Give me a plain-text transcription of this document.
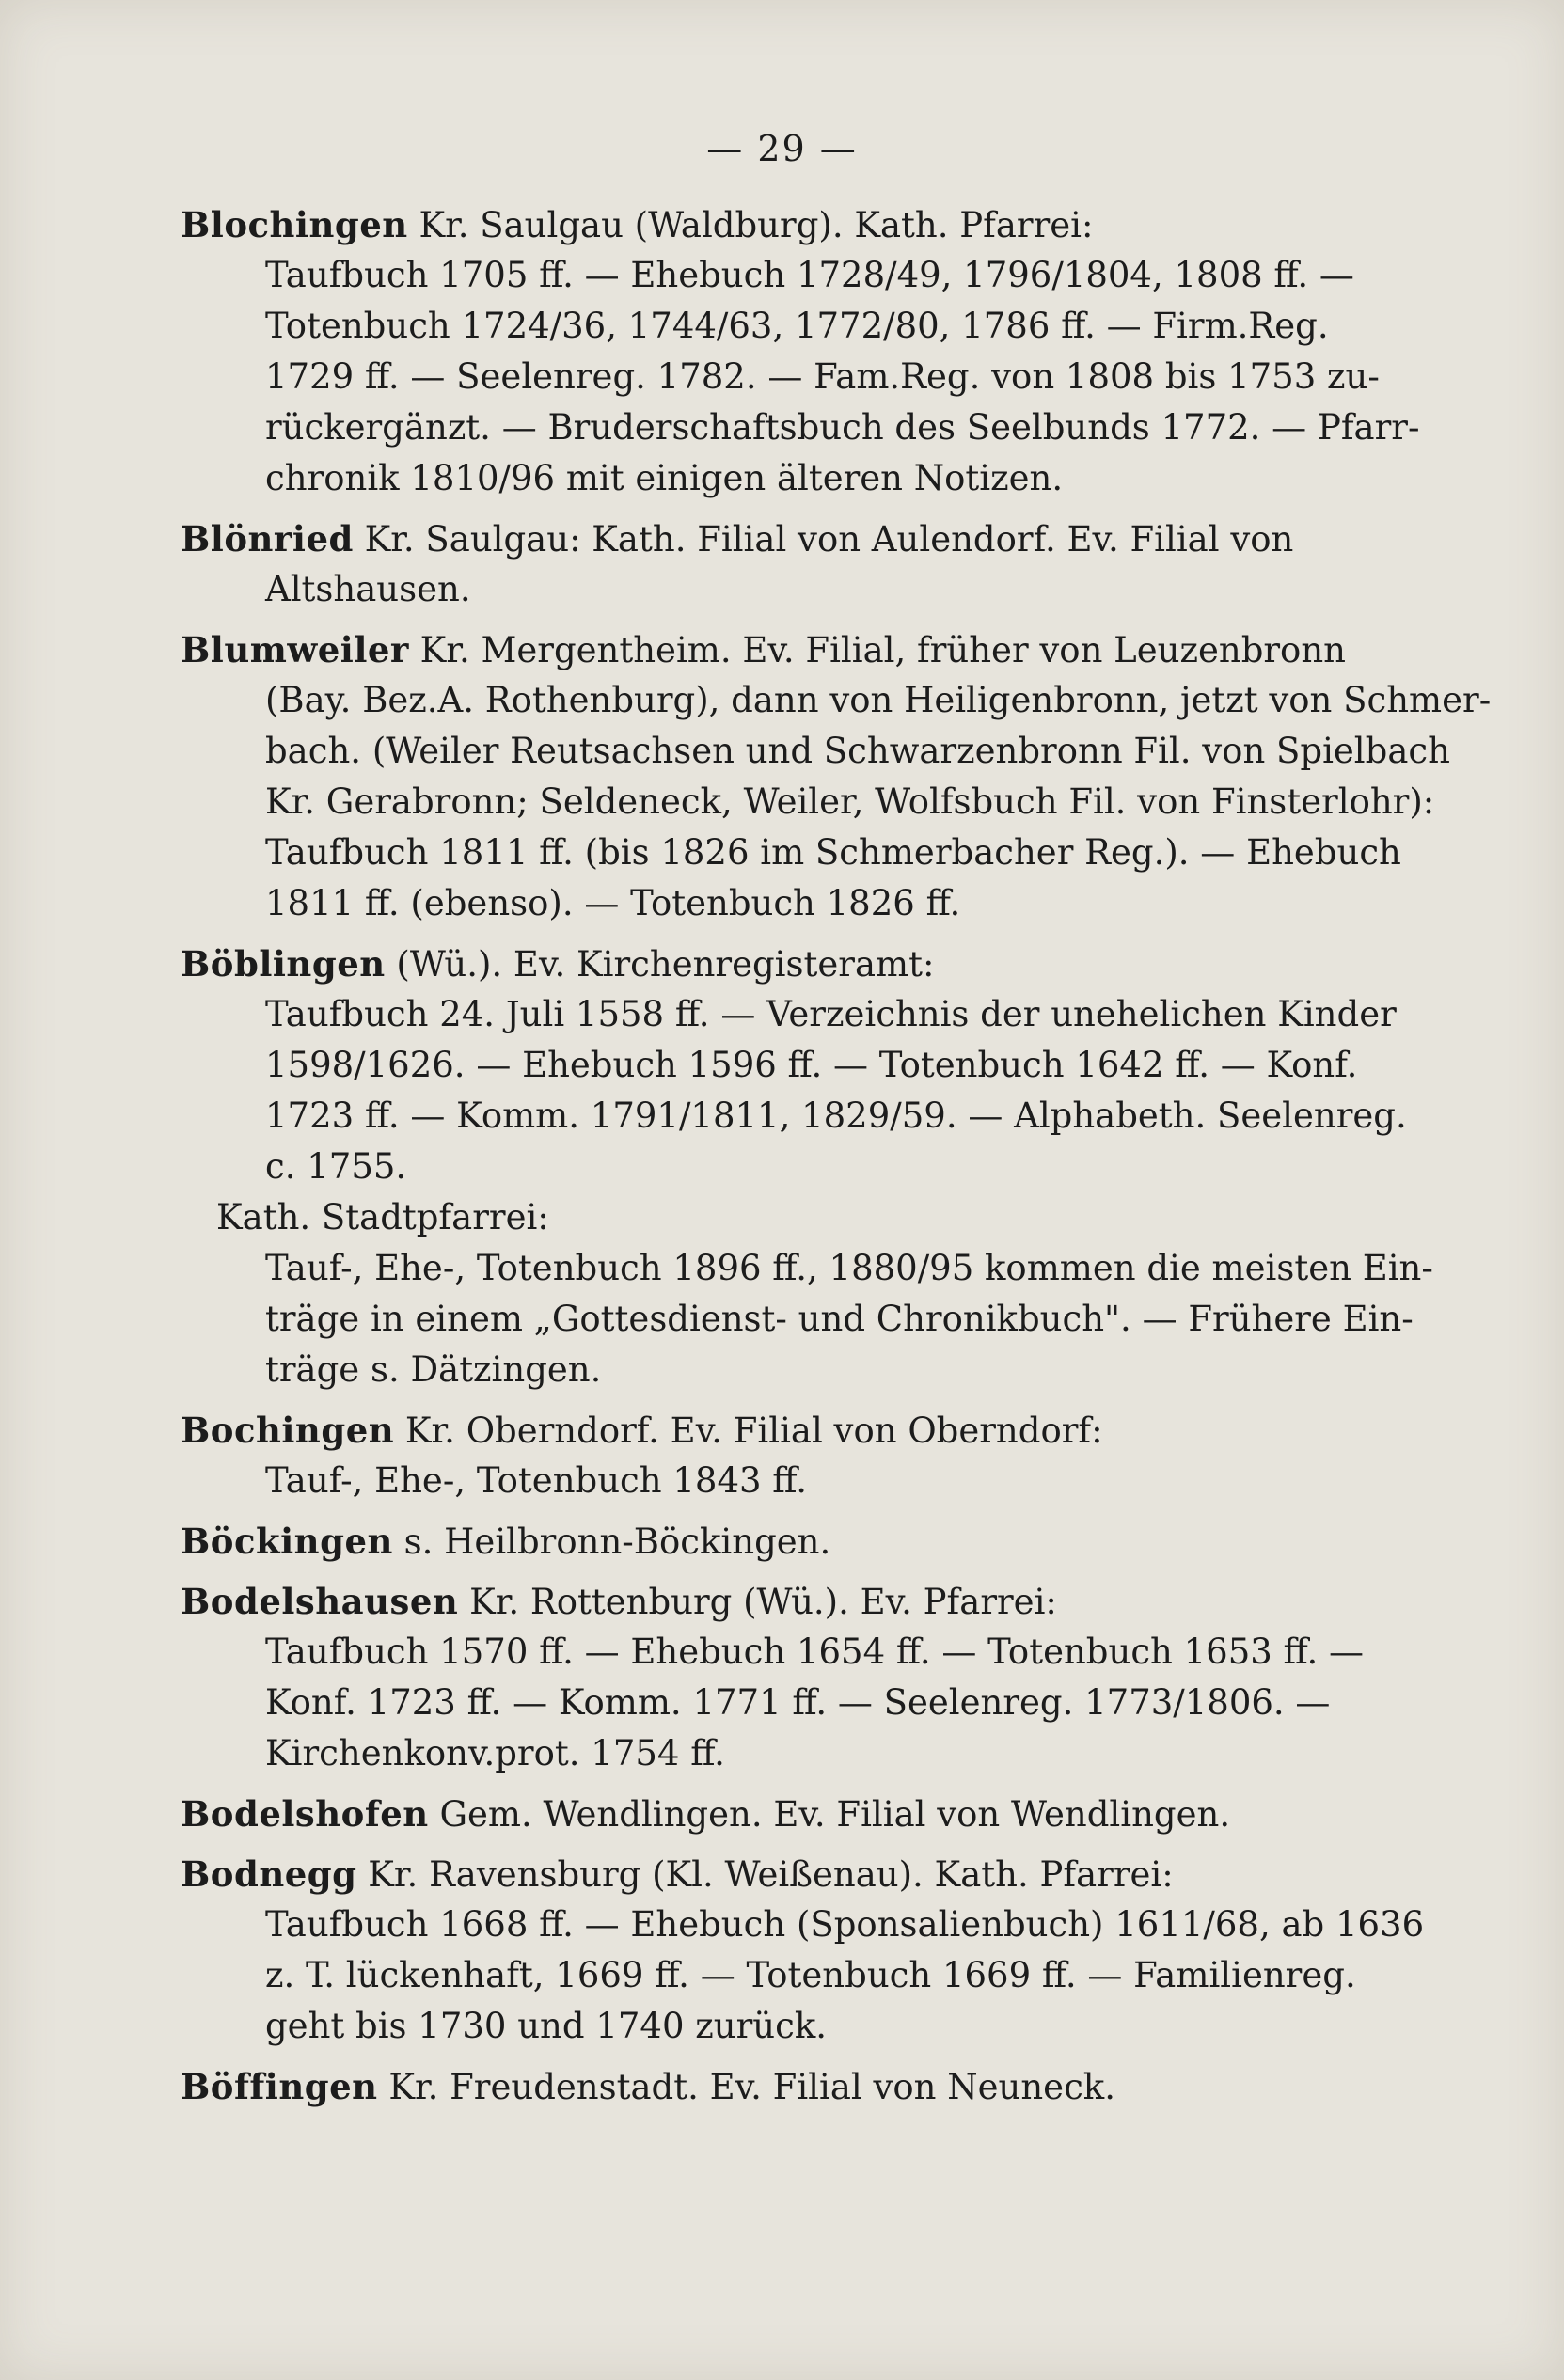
— 29 —
Blochingen Kr. Saulgau (Waldburg). Kath. Pfarrei:
Taufbuch 1705 ff. — Ehebuch 1728/49, 1796/1804, 1808 ff. —
Totenbuch 1724/36, 1744/63, 1772/80, 1786 ff. — Firm.Reg.
1729 ff. — Seelenreg. 1782. — Fam.Reg. von 1808 bis 1753 zu-
rückergänzt. — Bruderschaftsbuch des Seelbunds 1772. — Pfarr-
chronik 1810/96 mit einigen älteren Notizen.
Blönried Kr. Saulgau: Kath. Filial von Aulendorf. Ev. Filial von
Altshausen.
Blumweiler Kr. Mergentheim. Ev. Filial, früher von Leuzenbronn
(Bay. Bez.A. Rothenburg), dann von Heiligenbronn, jetzt von Schmer-
bach. (Weiler Reutsachsen und Schwarzenbronn Fil. von Spielbach
Kr. Gerabronn; Seldeneck, Weiler, Wolfsbuch Fil. von Finsterlohr):
Taufbuch 1811 ff. (bis 1826 im Schmerbacher Reg.). — Ehebuch
1811 ff. (ebenso). — Totenbuch 1826 ff.
Böblingen (Wü.). Ev. Kirchenregisteramt:
Taufbuch 24. Juli 1558 ff. — Verzeichnis der unehelichen Kinder
1598/1626. — Ehebuch 1596 ff. — Totenbuch 1642 ff. — Konf.
1723 ff. — Komm. 1791/1811, 1829/59. — Alphabeth. Seelenreg.
c. 1755.
Kath. Stadtpfarrei:
Tauf-, Ehe-, Totenbuch 1896 ff., 1880/95 kommen die meisten Ein-
träge in einem „Gottesdienst- und Chronikbuch". — Frühere Ein-
träge s. Dätzingen.
Bochingen Kr. Oberndorf. Ev. Filial von Oberndorf:
Tauf-, Ehe-, Totenbuch 1843 ff.
Böckingen s. Heilbronn-Böckingen.
Bodelshausen Kr. Rottenburg (Wü.). Ev. Pfarrei:
Taufbuch 1570 ff. — Ehebuch 1654 ff. — Totenbuch 1653 ff. —
Konf. 1723 ff. — Komm. 1771 ff. — Seelenreg. 1773/1806. —
Kirchenkonv.prot. 1754 ff.
Bodelshofen Gem. Wendlingen. Ev. Filial von Wendlingen.
Bodnegg Kr. Ravensburg (Kl. Weißenau). Kath. Pfarrei:
Taufbuch 1668 ff. — Ehebuch (Sponsalienbuch) 1611/68, ab 1636
z. T. lückenhaft, 1669 ff. — Totenbuch 1669 ff. — Familienreg.
geht bis 1730 und 1740 zurück.
Böffingen Kr. Freudenstadt. Ev. Filial von Neuneck.
